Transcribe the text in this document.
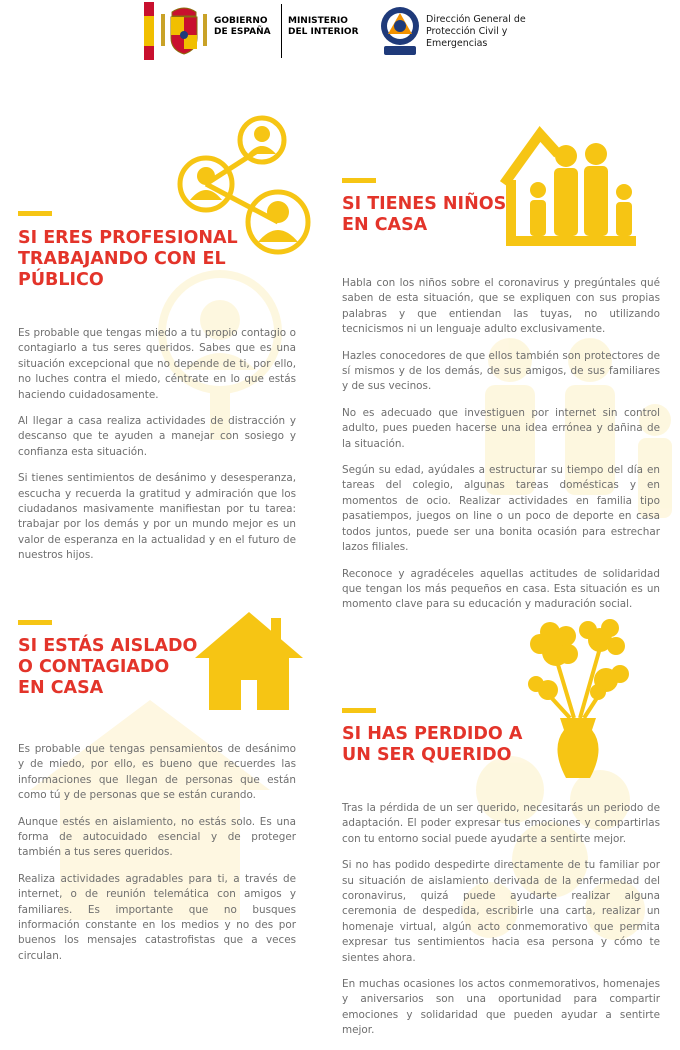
GOBIERNO
DE ESPAÑA
MINISTERIO
DEL INTERIOR
Dirección General de
Protección Civil y
Emergencias
SI ERES PROFESIONAL
TRABAJANDO CON EL
PÚBLICO

Es probable que tengas miedo a tu propio contagio o contagiarlo a tus seres queridos. Sabes que es una situación excepcional que no depende de ti, por ello, no luches contra el miedo, céntrate en lo que estás haciendo cuidadosamente.

Al llegar a casa realiza actividades de distracción y descanso que te ayuden a manejar con sosiego y confianza esta situación.

Si tienes sentimientos de desánimo y desesperanza, escucha y recuerda la gratitud y admiración que los ciudadanos masivamente manifiestan por tu tarea: trabajar por los demás y por un mundo mejor es un valor de esperanza en la actualidad y en el futuro de nuestros hijos.

SI TIENES NIÑOS
EN CASA

Habla con los niños sobre el coronavirus y pregúntales qué saben de esta situación, que se expliquen con sus propias palabras y que entiendan las tuyas, no utilizando tecnicismos ni un lenguaje adulto exclusivamente.

Hazles conocedores de que ellos también son protectores de sí mismos y de los demás, de sus amigos, de sus familiares y de sus vecinos.

No es adecuado que investiguen por internet sin control adulto, pues pueden hacerse una idea errónea y dañina de la situación.

Según su edad, ayúdales a estructurar su tiempo del día en tareas del colegio, algunas tareas domésticas y en momentos de ocio. Realizar actividades en familia tipo pasatiempos, juegos on line o un poco de deporte en casa todos juntos, puede ser una bonita ocasión para estrechar lazos filiales.

Reconoce y agradéceles aquellas actitudes de solidaridad que tengan los más pequeños en casa. Esta situación es un momento clave para su educación y maduración social.

SI ESTÁS AISLADO
O CONTAGIADO
EN CASA

Es probable que tengas pensamientos de desánimo y de miedo, por ello, es bueno que recuerdes las informaciones que llegan de personas que están como tú y de personas que se están curando.

Aunque estés en aislamiento, no estás solo. Es una forma de autocuidado esencial y de proteger también a tus seres queridos.

Realiza actividades agradables para ti, a través de internet, o de reunión telemática con amigos y familiares. Es importante que no busques información constante en los medios y no des por buenos los mensajes catastrofistas que a veces circulan.

SI HAS PERDIDO A
UN SER QUERIDO

Tras la pérdida de un ser querido, necesitarás un periodo de adaptación. El poder expresar tus emociones y compartirlas con tu entorno social puede ayudarte a sentirte mejor.

Si no has podido despedirte directamente de tu familiar por su situación de aislamiento derivada de la enfermedad del coronavirus, quizá puede ayudarte realizar alguna ceremonia de despedida, escribirle una carta, realizar un homenaje virtual, algún acto conmemorativo que permita expresar tus sentimientos hacia esa persona y cómo te sientes ahora.

En muchas ocasiones los actos conmemorativos, homenajes y aniversarios son una oportunidad para compartir emociones y solidaridad que pueden ayudar a sentirte mejor.
